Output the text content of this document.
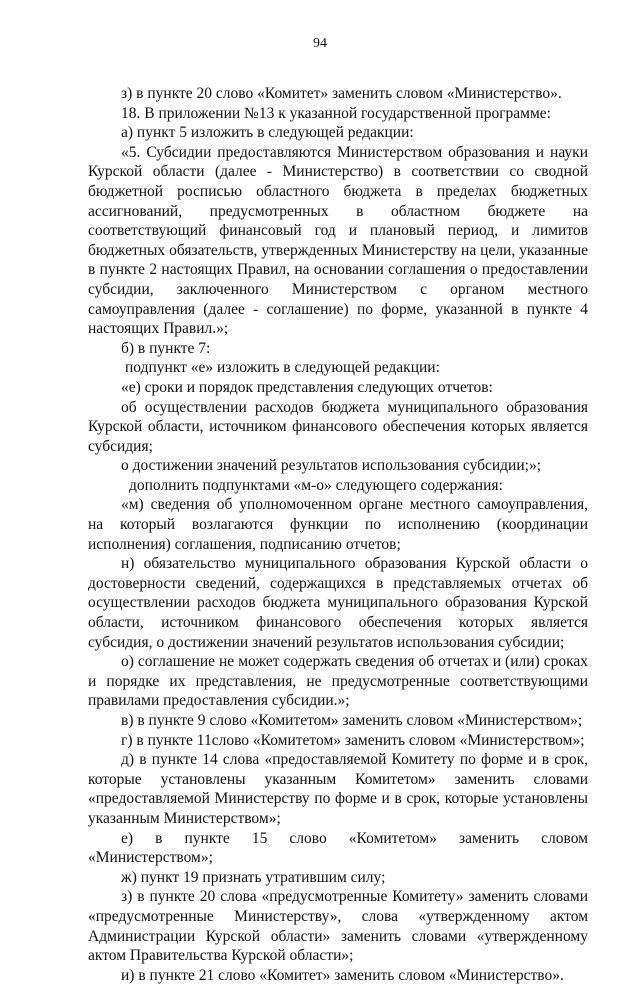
94

з) в пункте 20 слово «Комитет» заменить словом «Министерство».

18. В приложении №13 к указанной государственной программе:

а) пункт 5 изложить в следующей редакции:

«5. Субсидии предоставляются Министерством образования и науки Курской области (далее - Министерство) в соответствии со сводной бюджетной росписью областного бюджета в пределах бюджетных ассигнований, предусмотренных в областном бюджете на соответствующий финансовый год и плановый период, и лимитов бюджетных обязательств, утвержденных Министерству на цели, указанные в пункте 2 настоящих Правил, на основании соглашения о предоставлении субсидии, заключенного Министерством с органом местного самоуправления (далее - соглашение) по форме, указанной в пункте 4 настоящих Правил.»;

б) в пункте 7:

подпункт «е» изложить в следующей редакции:

«е) сроки и порядок представления следующих отчетов:

об осуществлении расходов бюджета муниципального образования Курской области, источником финансового обеспечения которых является субсидия;

о достижении значений результатов использования субсидии;»;

дополнить подпунктами «м-о» следующего содержания:

«м) сведения об уполномоченном органе местного самоуправления, на который возлагаются функции по исполнению (координации исполнения) соглашения, подписанию отчетов;

н) обязательство муниципального образования Курской области о достоверности сведений, содержащихся в представляемых отчетах об осуществлении расходов бюджета муниципального образования Курской области, источником финансового обеспечения которых является субсидия, о достижении значений результатов использования субсидии;

о) соглашение не может содержать сведения об отчетах и (или) сроках и порядке их представления, не предусмотренные соответствующими правилами предоставления субсидии.»;

в) в пункте 9 слово «Комитетом» заменить словом «Министерством»;

г) в пункте 11слово «Комитетом» заменить словом «Министерством»;

д) в пункте 14 слова «предоставляемой Комитету по форме и в срок, которые установлены указанным Комитетом» заменить словами «предоставляемой Министерству по форме и в срок, которые установлены указанным Министерством»;

е) в пункте 15 слово «Комитетом» заменить словом «Министерством»;

ж) пункт 19 признать утратившим силу;

з) в пункте 20 слова «предусмотренные Комитету» заменить словами «предусмотренные Министерству», слова «утвержденному актом Администрации Курской области» заменить словами «утвержденному актом Правительства Курской области»;

и) в пункте 21 слово «Комитет» заменить словом «Министерство».
